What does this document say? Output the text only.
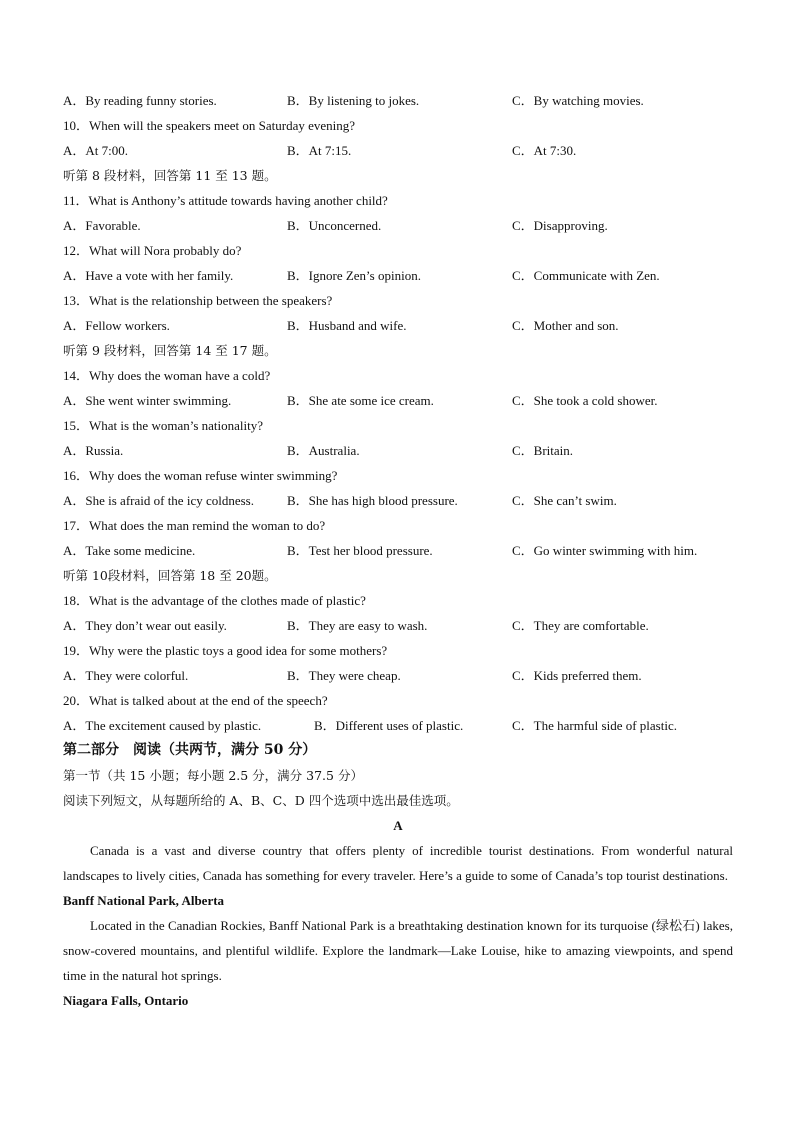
A．By reading funny stories.	B．By listening to jokes.	C．By watching movies.
10．When will the speakers meet on Saturday evening?
A．At 7:00.	B．At 7:15.	C．At 7:30.
听第 8 段材料，回答第 11 至 13 题。
11．What is Anthony’s attitude towards having another child?
A．Favorable.	B．Unconcerned.	C．Disapproving.
12．What will Nora probably do?
A．Have a vote with her family.	B．Ignore Zen’s opinion.	C．Communicate with Zen.
13．What is the relationship between the speakers?
A．Fellow workers.	B．Husband and wife.	C．Mother and son.
听第 9 段材料，回答第 14 至 17 题。
14．Why does the woman have a cold?
A．She went winter swimming.	B．She ate some ice cream.	C．She took a cold shower.
15．What is the woman’s nationality?
A．Russia.	B．Australia.	C．Britain.
16．Why does the woman refuse winter swimming?
A．She is afraid of the icy coldness.	B．She has high blood pressure.	C．She can’t swim.
17．What does the man remind the woman to do?
A．Take some medicine.	B．Test her blood pressure.	C．Go winter swimming with him.
听第 10段材料，回答第 18 至 20题。
18．What is the advantage of the clothes made of plastic?
A．They don’t wear out easily.	B．They are easy to wash.	C．They are comfortable.
19．Why were the plastic toys a good idea for some mothers?
A．They were colorful.	B．They were cheap.	C．Kids preferred them.
20．What is talked about at the end of the speech?
A．The excitement caused by plastic.	B．Different uses of plastic.	C．The harmful side of plastic.
第二部分　阅读（共两节，满分 50 分）
第一节（共 15 小题；每小题 2.5 分，满分 37.5 分）
阅读下列短文，从每题所给的 A、B、C、D 四个选项中选出最佳选项。
A
Canada is a vast and diverse country that offers plenty of incredible tourist destinations. From wonderful natural landscapes to lively cities, Canada has something for every traveler. Here’s a guide to some of Canada’s top tourist destinations.
Banff National Park, Alberta
Located in the Canadian Rockies, Banff National Park is a breathtaking destination known for its turquoise (绿松石) lakes, snow-covered mountains, and plentiful wildlife. Explore the landmark—Lake Louise, hike to amazing viewpoints, and spend time in the natural hot springs.
Niagara Falls, Ontario
